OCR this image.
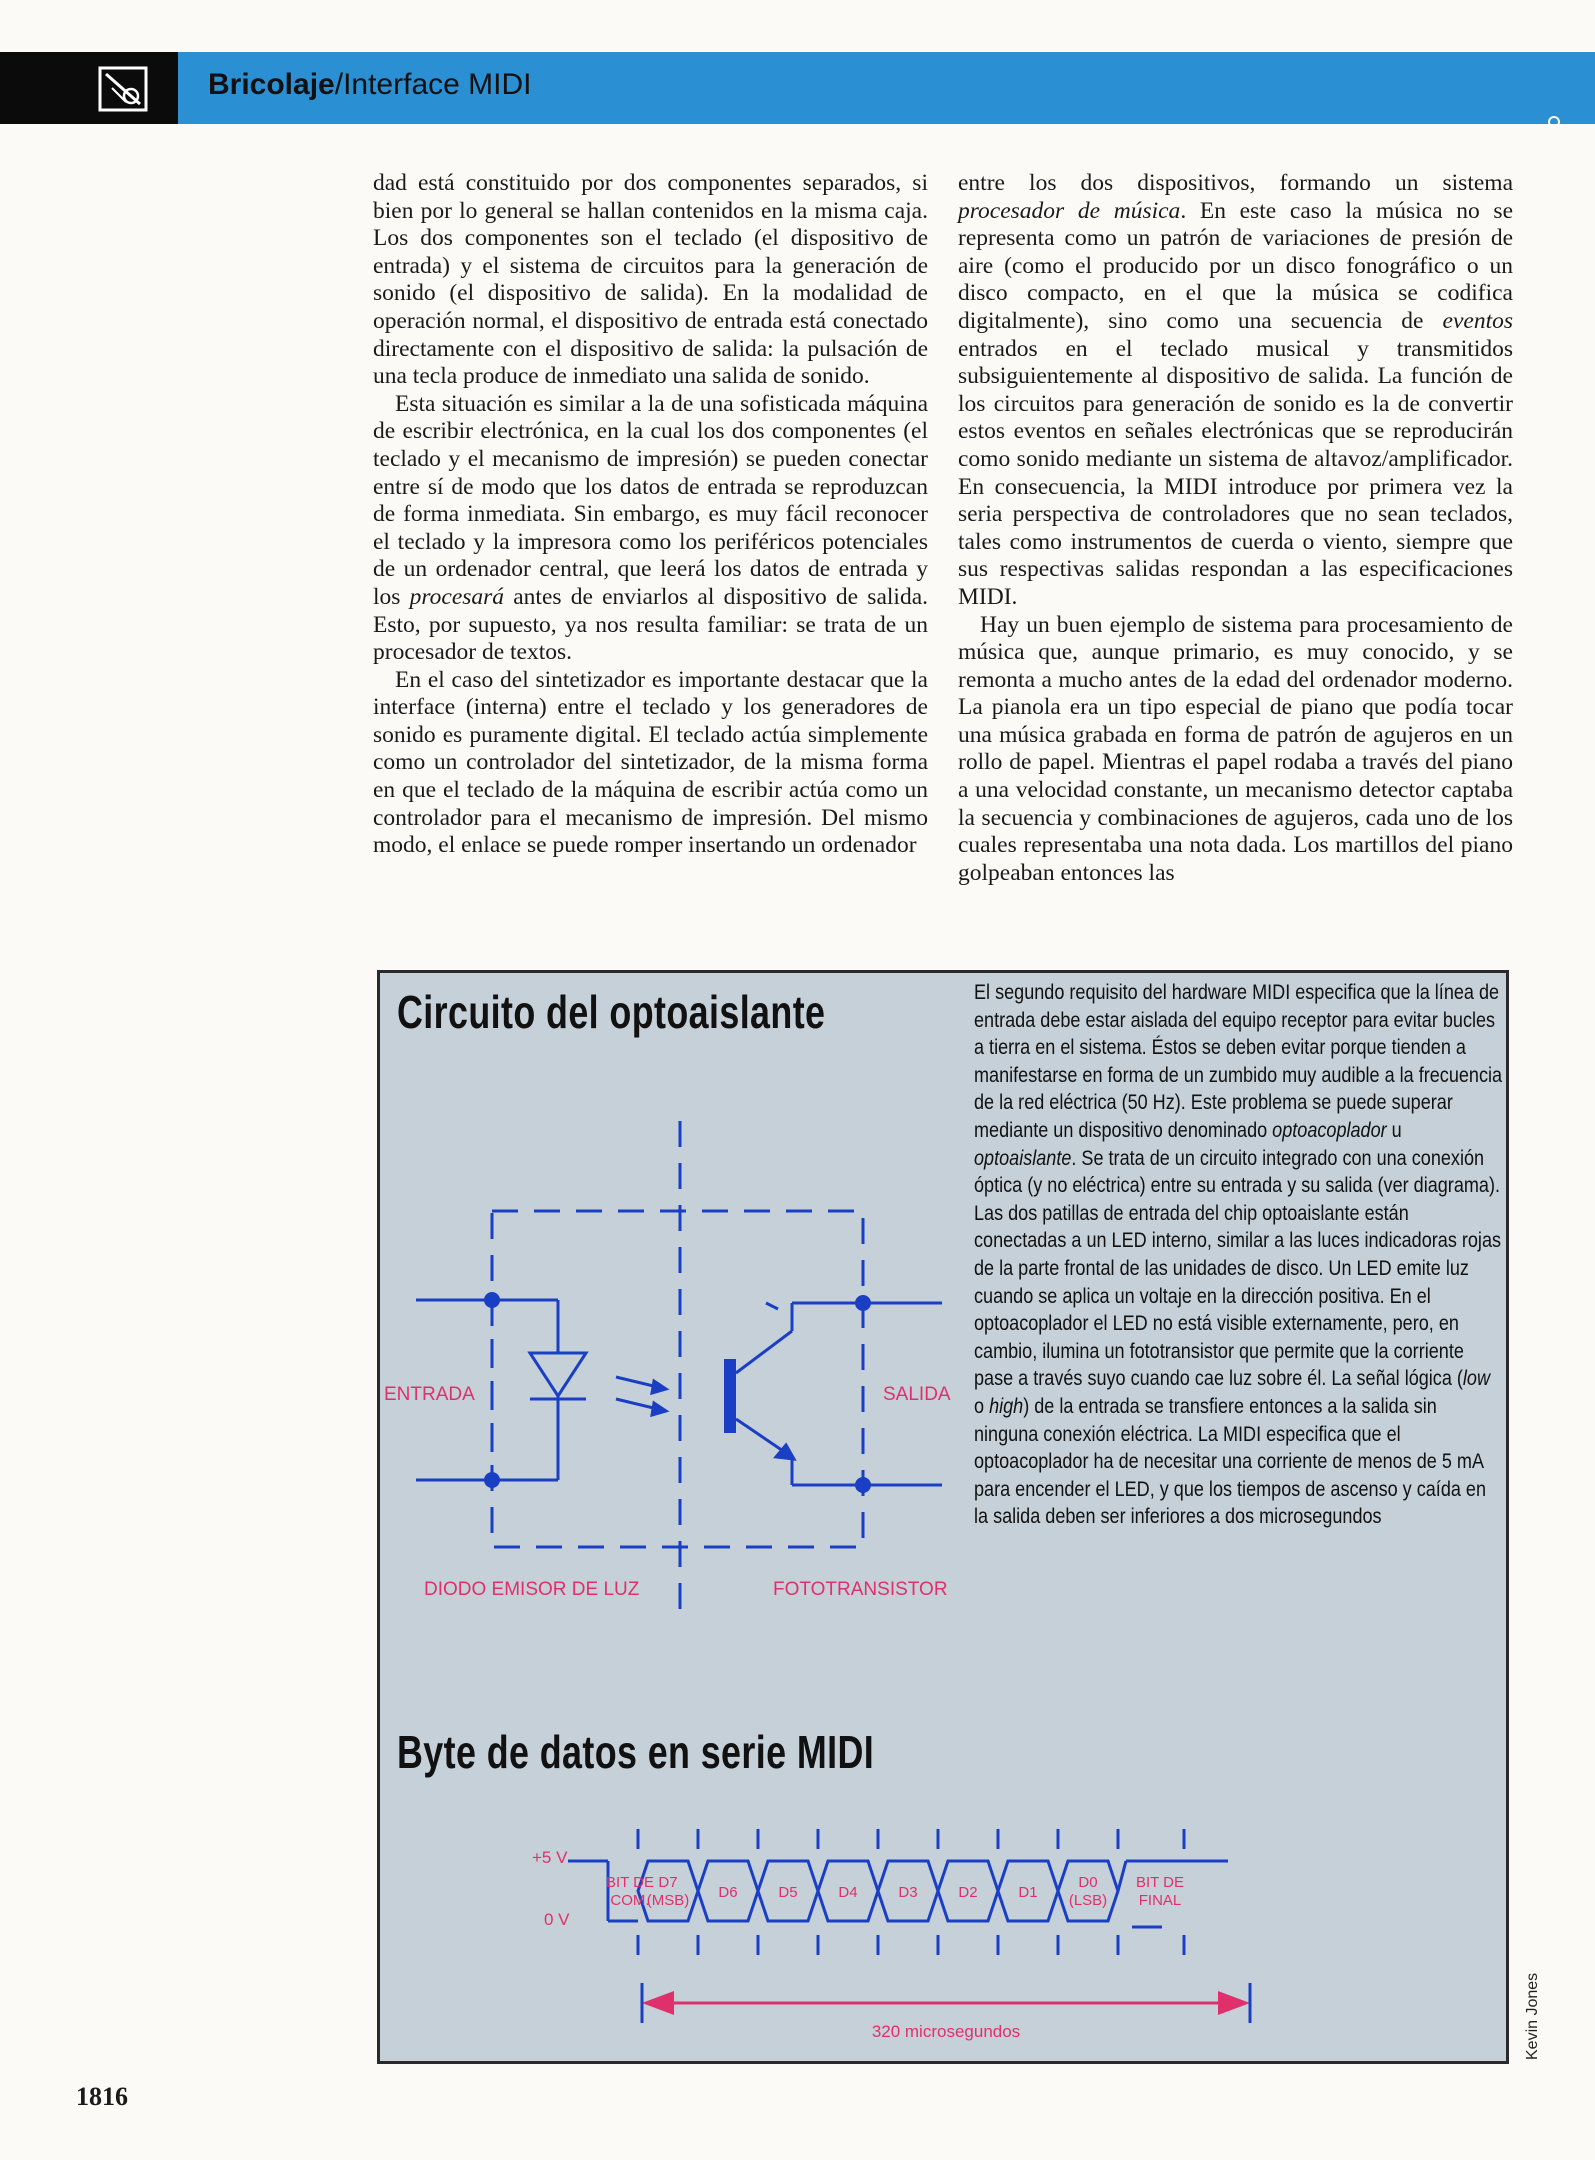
Bricolaje/Interface MIDI

dad está constituido por dos componentes separados, si bien por lo general se hallan contenidos en la misma caja. Los dos componentes son el teclado (el dispositivo de entrada) y el sistema de circuitos para la generación de sonido (el dispositivo de salida). En la modalidad de operación normal, el dispositivo de entrada está conectado directamente con el dispositivo de salida: la pulsación de una tecla produce de inmediato una salida de sonido.

Esta situación es similar a la de una sofisticada máquina de escribir electrónica, en la cual los dos componentes (el teclado y el mecanismo de impresión) se pueden conectar entre sí de modo que los datos de entrada se reproduzcan de forma inmediata. Sin embargo, es muy fácil reconocer el teclado y la impresora como los periféricos potenciales de un ordenador central, que leerá los datos de entrada y los procesará antes de enviarlos al dispositivo de salida. Esto, por supuesto, ya nos resulta familiar: se trata de un procesador de textos.

En el caso del sintetizador es importante destacar que la interface (interna) entre el teclado y los generadores de sonido es puramente digital. El teclado actúa simplemente como un controlador del sintetizador, de la misma forma en que el teclado de la máquina de escribir actúa como un controlador para el mecanismo de impresión. Del mismo modo, el enlace se puede romper insertando un ordenador

entre los dos dispositivos, formando un sistema procesador de música. En este caso la música no se representa como un patrón de variaciones de presión de aire (como el producido por un disco fonográfico o un disco compacto, en el que la música se codifica digitalmente), sino como una secuencia de eventos entrados en el teclado musical y transmitidos subsiguientemente al dispositivo de salida. La función de los circuitos para generación de sonido es la de convertir estos eventos en señales electrónicas que se reproducirán como sonido mediante un sistema de altavoz/amplificador. En consecuencia, la MIDI introduce por primera vez la seria perspectiva de controladores que no sean teclados, tales como instrumentos de cuerda o viento, siempre que sus respectivas salidas respondan a las especificaciones MIDI.

Hay un buen ejemplo de sistema para procesamiento de música que, aunque primario, es muy conocido, y se remonta a mucho antes de la edad del ordenador moderno. La pianola era un tipo especial de piano que podía tocar una música grabada en forma de patrón de agujeros en un rollo de papel. Mientras el papel rodaba a través del piano a una velocidad constante, un mecanismo detector captaba la secuencia y combinaciones de agujeros, cada uno de los cuales representaba una nota dada. Los martillos del piano golpeaban entonces las

Circuito del optoaislante
Byte de datos en serie MIDI
El segundo requisito del hardware MIDI especifica que la línea de entrada debe estar aislada del equipo receptor para evitar bucles a tierra en el sistema. Éstos se deben evitar porque tienden a manifestarse en forma de un zumbido muy audible a la frecuencia de la red eléctrica (50 Hz). Este problema se puede superar mediante un dispositivo denominado optoacoplador u optoaislante. Se trata de un circuito integrado con una conexión óptica (y no eléctrica) entre su entrada y su salida (ver diagrama). Las dos patillas de entrada del chip optoaislante están conectadas a un LED interno, similar a las luces indicadoras rojas de la parte frontal de las unidades de disco. Un LED emite luz cuando se aplica un voltaje en la dirección positiva. En el optoacoplador el LED no está visible externamente, pero, en cambio, ilumina un fototransistor que permite que la corriente pase a través suyo cuando cae luz sobre él. La señal lógica (low o high) de la entrada se transfiere entonces a la salida sin ninguna conexión eléctrica. La MIDI especifica que el optoacoplador ha de necesitar una corriente de menos de 5 mA para encender el LED, y que los tiempos de ascenso y caída en la salida deben ser inferiores a dos microsegundos
ENTRADA	SALIDA
DIODO EMISOR DE LUZ	FOTOTRANSISTOR
D7
(MSB) D6	D5	D4	D3	D2	D1
D0
(LSB)
BIT DE
COM.
BIT DE
FINAL
+5 V
0 V
320 microsegundos	Kevin Jones
1816
